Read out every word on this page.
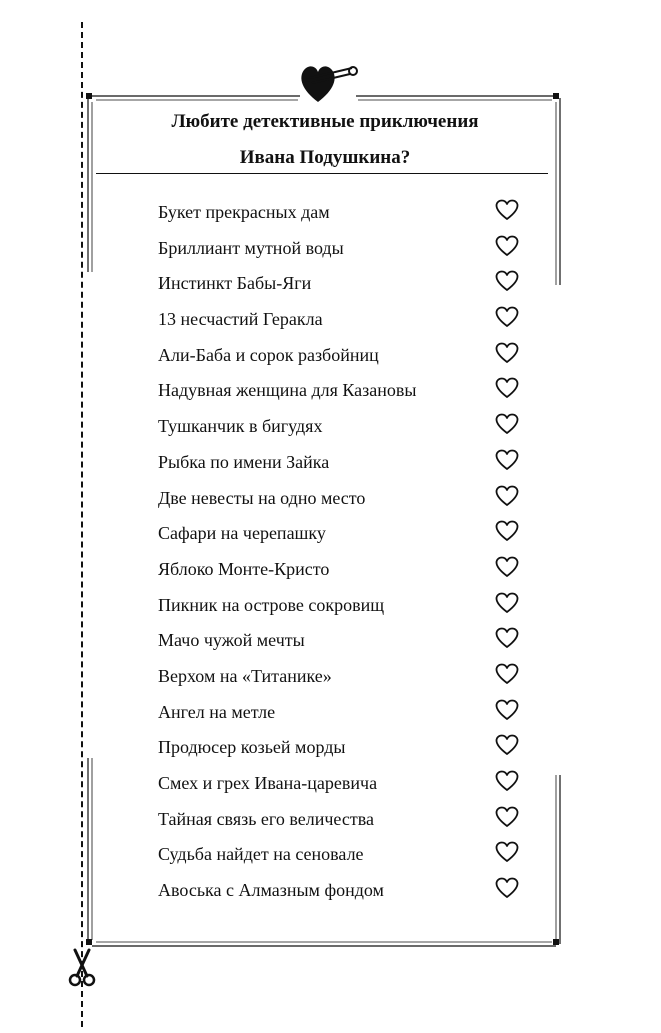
Любите детективные приключения
Ивана Подушкина?
Букет прекрасных дам
Бриллиант мутной воды
Инстинкт Бабы-Яги
13 несчастий Геракла
Али-Баба и сорок разбойниц
Надувная женщина для Казановы
Тушканчик в бигудях
Рыбка по имени Зайка
Две невесты на одно место
Сафари на черепашку
Яблоко Монте-Кристо
Пикник на острове сокровищ
Мачо чужой мечты
Верхом на «Титанике»
Ангел на метле
Продюсер козьей морды
Смех и грех Ивана-царевича
Тайная связь его величества
Судьба найдет на сеновале
Авоська с Алмазным фондом
